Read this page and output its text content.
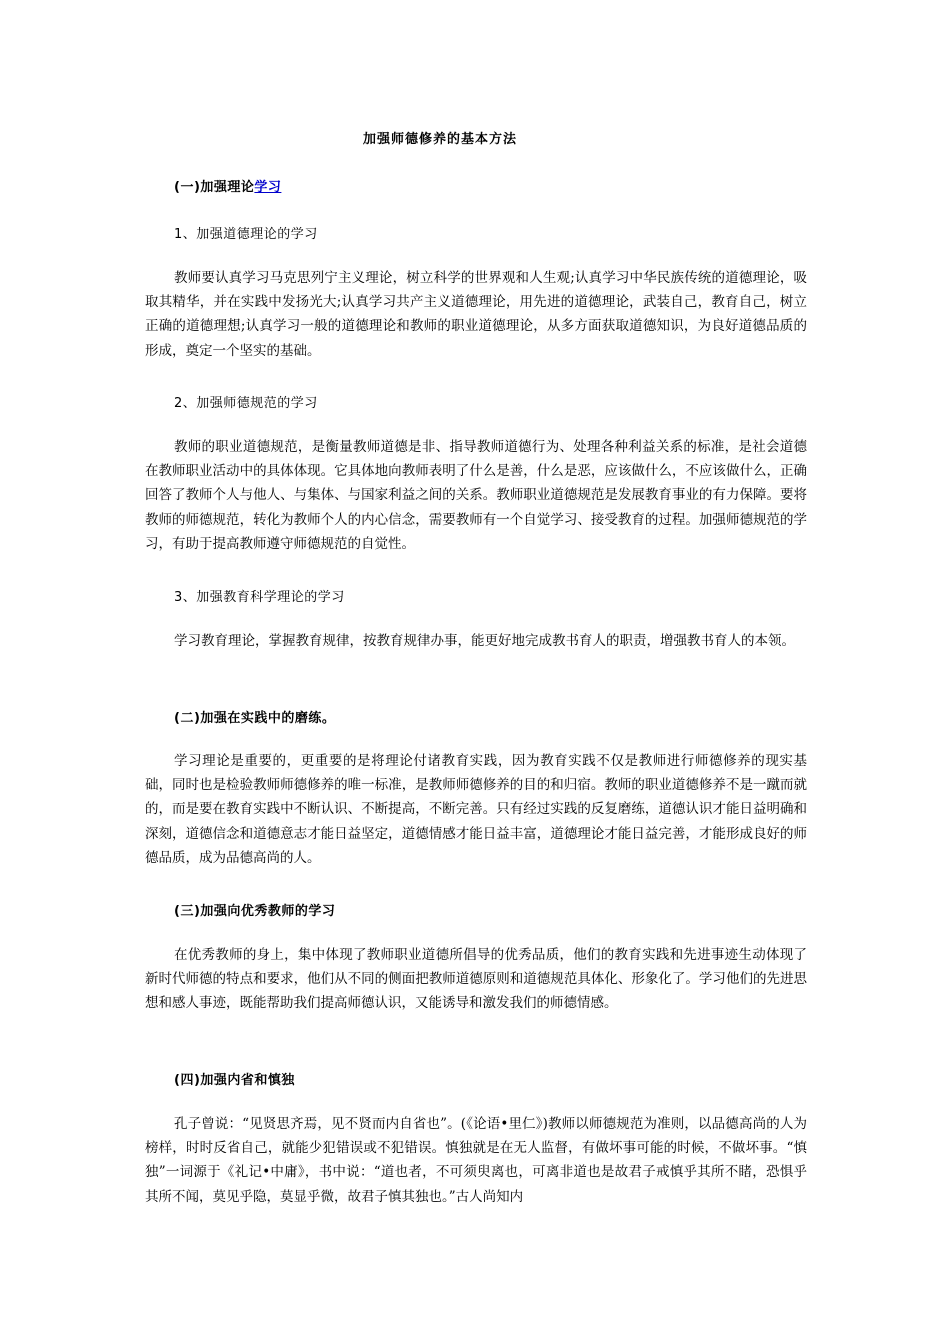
加强师德修养的基本方法

(一)加强理论学习

1、加强道德理论的学习

教师要认真学习马克思列宁主义理论，树立科学的世界观和人生观;认真学习中华民族传统的道德理论，吸取其精华，并在实践中发扬光大;认真学习共产主义道德理论，用先进的道德理论，武装自己，教育自己，树立正确的道德理想;认真学习一般的道德理论和教师的职业道德理论，从多方面获取道德知识，为良好道德品质的形成，奠定一个坚实的基础。

2、加强师德规范的学习

教师的职业道德规范，是衡量教师道德是非、指导教师道德行为、处理各种利益关系的标准，是社会道德在教师职业活动中的具体体现。它具体地向教师表明了什么是善，什么是恶，应该做什么，不应该做什么，正确回答了教师个人与他人、与集体、与国家利益之间的关系。教师职业道德规范是发展教育事业的有力保障。要将教师的师德规范，转化为教师个人的内心信念，需要教师有一个自觉学习、接受教育的过程。加强师德规范的学习，有助于提高教师遵守师德规范的自觉性。

3、加强教育科学理论的学习

学习教育理论，掌握教育规律，按教育规律办事，能更好地完成教书育人的职责，增强教书育人的本领。

(二)加强在实践中的磨练。

学习理论是重要的，更重要的是将理论付诸教育实践，因为教育实践不仅是教师进行师德修养的现实基础，同时也是检验教师师德修养的唯一标准，是教师师德修养的目的和归宿。教师的职业道德修养不是一蹴而就的，而是要在教育实践中不断认识、不断提高，不断完善。只有经过实践的反复磨练，道德认识才能日益明确和深刻，道德信念和道德意志才能日益坚定，道德情感才能日益丰富，道德理论才能日益完善，才能形成良好的师德品质，成为品德高尚的人。

(三)加强向优秀教师的学习

在优秀教师的身上，集中体现了教师职业道德所倡导的优秀品质，他们的教育实践和先进事迹生动体现了新时代师德的特点和要求，他们从不同的侧面把教师道德原则和道德规范具体化、形象化了。学习他们的先进思想和感人事迹，既能帮助我们提高师德认识，又能诱导和激发我们的师德情感。

(四)加强内省和慎独

孔子曾说：“见贤思齐焉，见不贤而内自省也”。(《论语•里仁》)教师以师德规范为准则，以品德高尚的人为榜样，时时反省自己，就能少犯错误或不犯错误。慎独就是在无人监督，有做坏事可能的时候，不做坏事。“慎独”一词源于《礼记•中庸》，书中说：“道也者，不可须臾离也，可离非道也是故君子戒慎乎其所不睹，恐惧乎其所不闻，莫见乎隐，莫显乎微，故君子慎其独也。”古人尚知内
